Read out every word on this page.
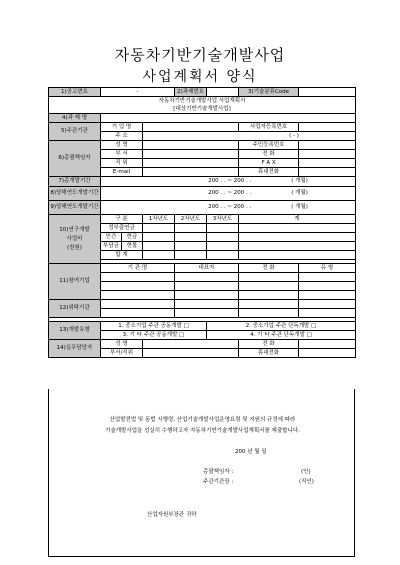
자동차기반기술개발사업
사업계획서 양식
1)공고번호	-			2)과제번호		3)기술분류Code	
자동차기반기술개발사업 사업계획서							
[대상기반기술개발사업]							
4)과 제 명							
5)주관기관	기 업 명					사업자등록번호	
	주 소		( - )				
6)총괄책임자	성 명					주민등록번호	
	부 서					전 화	
	직 위					F A X	
	E-mail					휴대전화	
7)총개발기간	200 . . ~ 200 . . ( 개월)						
8)당해연도개발기간	200 . . ~ 200 . . ( 개월)						
9)당해연도개발기간	200 . . ~ 200 . . ( 개월)						
10)연구개발
사업비
(천원)	구 분		1차년도	2차년도	3차년도	계	
	정부출연금						
	민간	현금					
	부담금	현물					
	합 계						

11)참여기업	기 관 명			대표자		전 화	유 형

12)위탁기관							

13)개발유형	1. 중소기업 주관 공동개발 □				2. 중소기업 주관 단독개발 □		
	3. 기 타 주관 공동개발 □				4. 기 타 주관 단독개발 □		
14)실무담당자	성 명					전 화	
	부서/직위					휴대전화	
산업발전법 및 동법 시행령, 산업기술개발사업운영요령 및 지원의 규정에 따라
기술개발사업을 성실히 수행하고자 자동차기반기술개발사업계획서를 제출합니다.
200 년 월 일
총괄책임자 :	(인)
주관기관장 :	(직인)
산업자원부장관 귀하
